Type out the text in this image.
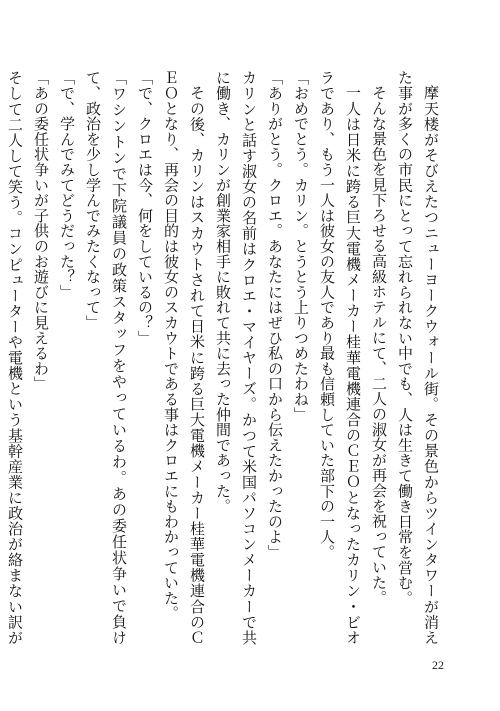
摩天楼がそびえたつニューヨークウォール街。その景色からツインタワーが消えた事が多くの市民にとって忘れられない中でも、人は生きて働き日常を営む。

そんな景色を見下ろせる高級ホテルにて、二人の淑女が再会を祝っていた。

一人は日米に跨る巨大電機メーカー桂華電機連合のＣＥＯとなったカリン・ビオラであり、もう一人は彼女の友人であり最も信頼していた部下の一人。

「おめでとう。カリン。とうとう上りつめたわね」

「ありがとう。クロエ。あなたにはぜひ私の口から伝えたかったのよ」

カリンと話す淑女の名前はクロエ・マイヤーズ。かつて米国パソコンメーカーで共に働き、カリンが創業家相手に敗れて共に去った仲間であった。

その後、カリンはスカウトされて日米に跨る巨大電機メーカー桂華電機連合のＣＥＯとなり、再会の目的は彼女のスカウトである事はクロエにもわかっていた。

「で、クロエは今、何をしているの？」

「ワシントンで下院議員の政策スタッフをやっているわ。あの委任状争いで負けて、政治を少し学んでみたくなって」

「で、学んでみてどうだった？」

「あの委任状争いが子供のお遊びに見えるわ」

そして二人して笑う。コンピューターや電機という基幹産業に政治が絡まない訳が

22
